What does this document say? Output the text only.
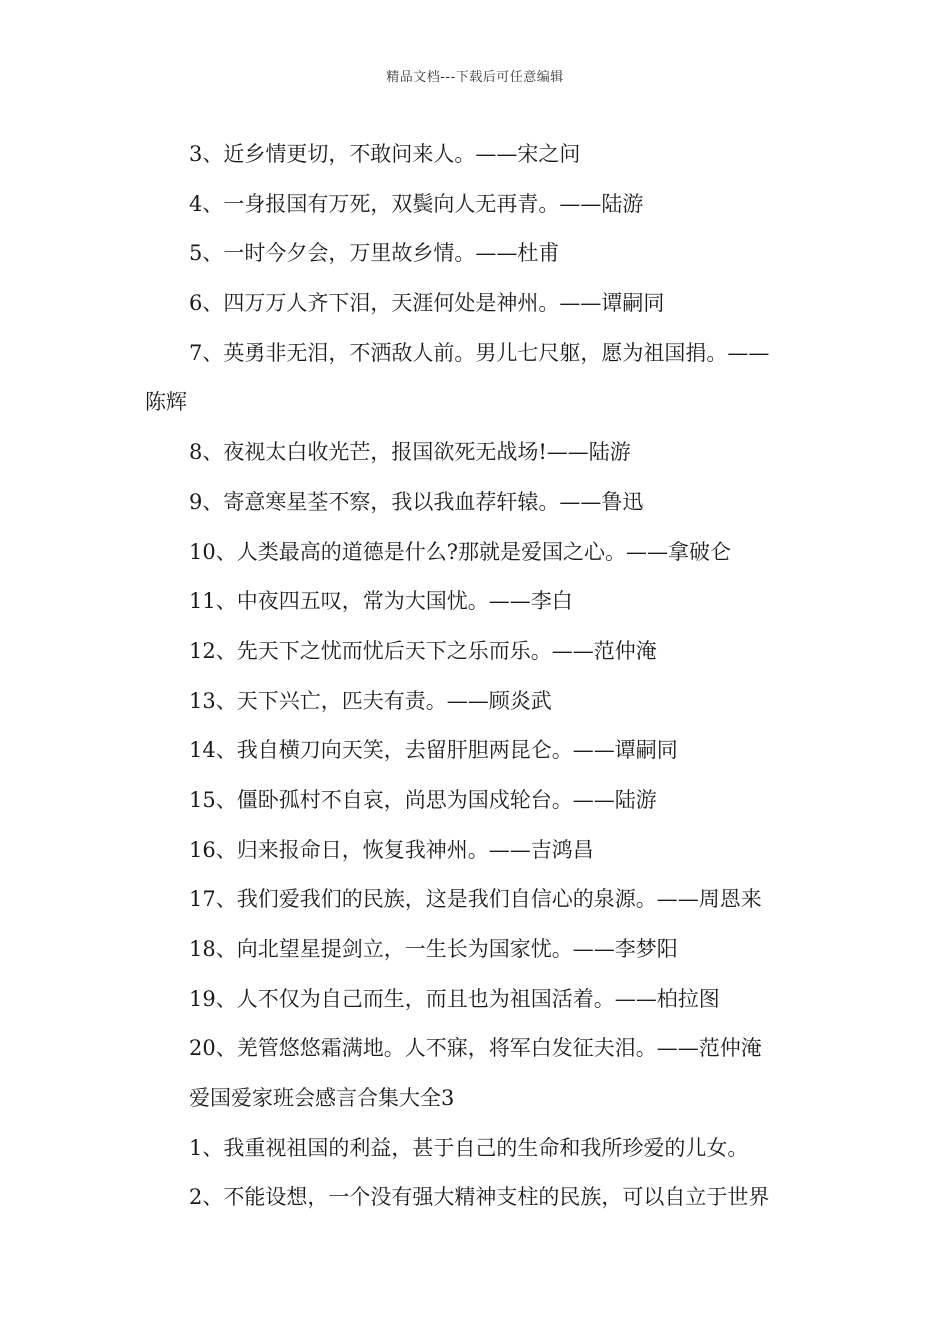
精品文档---下载后可任意编辑
3、近乡情更切，不敢问来人。——宋之问
4、一身报国有万死，双鬓向人无再青。——陆游
5、一时今夕会，万里故乡情。——杜甫
6、四万万人齐下泪，天涯何处是神州。——谭嗣同
7、英勇非无泪，不洒敌人前。男儿七尺躯，愿为祖国捐。——
陈辉
8、夜视太白收光芒，报国欲死无战场!——陆游
9、寄意寒星荃不察，我以我血荐轩辕。——鲁迅
10、人类最高的道德是什么?那就是爱国之心。——拿破仑
11、中夜四五叹，常为大国忧。——李白
12、先天下之忧而忧后天下之乐而乐。——范仲淹
13、天下兴亡，匹夫有责。——顾炎武
14、我自横刀向天笑，去留肝胆两昆仑。——谭嗣同
15、僵卧孤村不自哀，尚思为国戍轮台。——陆游
16、归来报命日，恢复我神州。——吉鸿昌
17、我们爱我们的民族，这是我们自信心的泉源。——周恩来
18、向北望星提剑立，一生长为国家忧。——李梦阳
19、人不仅为自己而生，而且也为祖国活着。——柏拉图
20、羌管悠悠霜满地。人不寐，将军白发征夫泪。——范仲淹
爱国爱家班会感言合集大全3
1、我重视祖国的利益，甚于自己的生命和我所珍爱的儿女。
2、不能设想，一个没有强大精神支柱的民族，可以自立于世界
